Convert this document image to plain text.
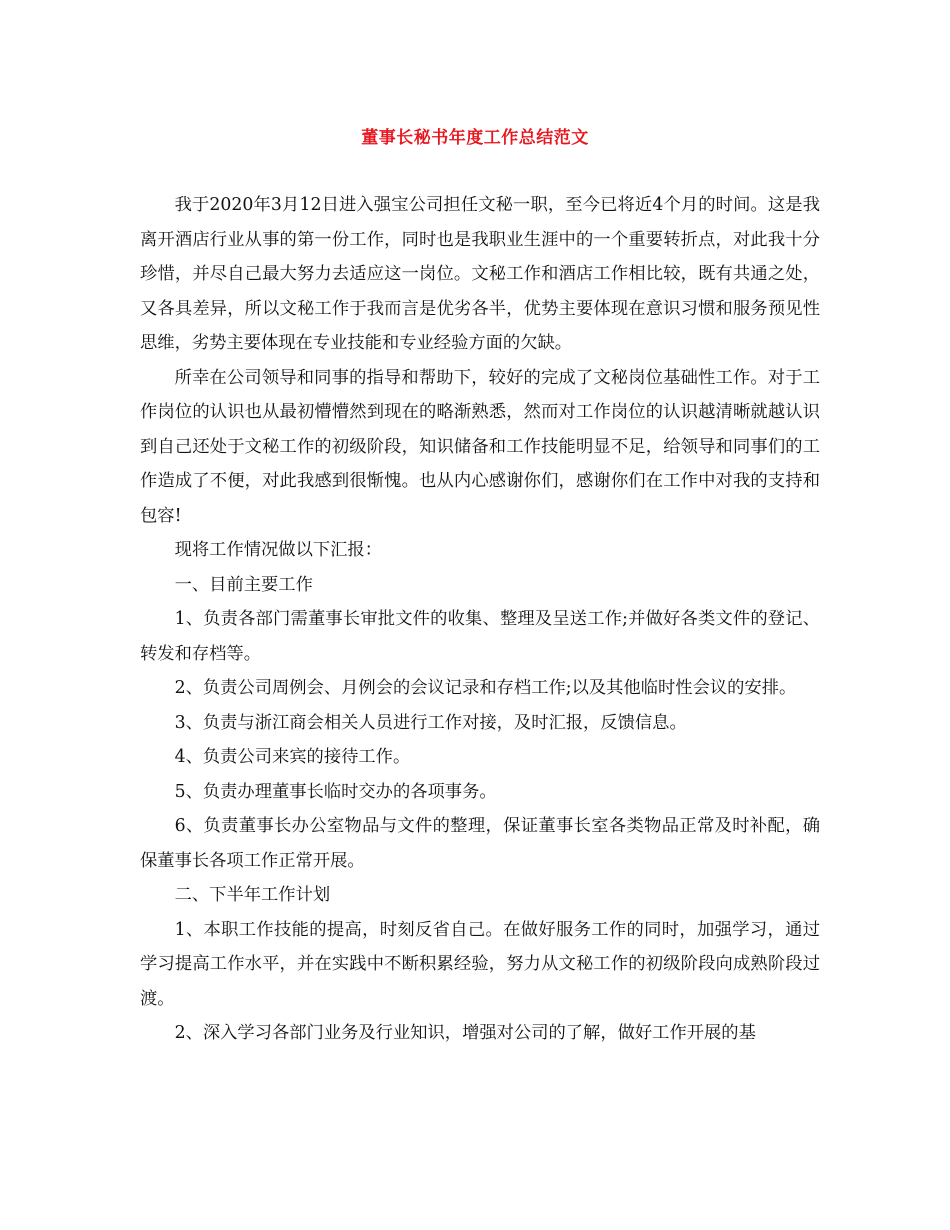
董事长秘书年度工作总结范文

我于2020年3月12日进入强宝公司担任文秘一职，至今已将近4个月的时间。这是我离开酒店行业从事的第一份工作，同时也是我职业生涯中的一个重要转折点，对此我十分珍惜，并尽自己最大努力去适应这一岗位。文秘工作和酒店工作相比较，既有共通之处，又各具差异，所以文秘工作于我而言是优劣各半，优势主要体现在意识习惯和服务预见性思维，劣势主要体现在专业技能和专业经验方面的欠缺。

所幸在公司领导和同事的指导和帮助下，较好的完成了文秘岗位基础性工作。对于工作岗位的认识也从最初懵懵然到现在的略渐熟悉，然而对工作岗位的认识越清晰就越认识到自己还处于文秘工作的初级阶段，知识储备和工作技能明显不足，给领导和同事们的工作造成了不便，对此我感到很惭愧。也从内心感谢你们，感谢你们在工作中对我的支持和包容!

现将工作情况做以下汇报：

一、目前主要工作

1、负责各部门需董事长审批文件的收集、整理及呈送工作;并做好各类文件的登记、转发和存档等。

2、负责公司周例会、月例会的会议记录和存档工作;以及其他临时性会议的安排。

3、负责与浙江商会相关人员进行工作对接，及时汇报，反馈信息。

4、负责公司来宾的接待工作。

5、负责办理董事长临时交办的各项事务。

6、负责董事长办公室物品与文件的整理，保证董事长室各类物品正常及时补配，确保董事长各项工作正常开展。

二、下半年工作计划

1、本职工作技能的提高，时刻反省自己。在做好服务工作的同时，加强学习，通过学习提高工作水平，并在实践中不断积累经验，努力从文秘工作的初级阶段向成熟阶段过渡。

2、深入学习各部门业务及行业知识，增强对公司的了解，做好工作开展的基
